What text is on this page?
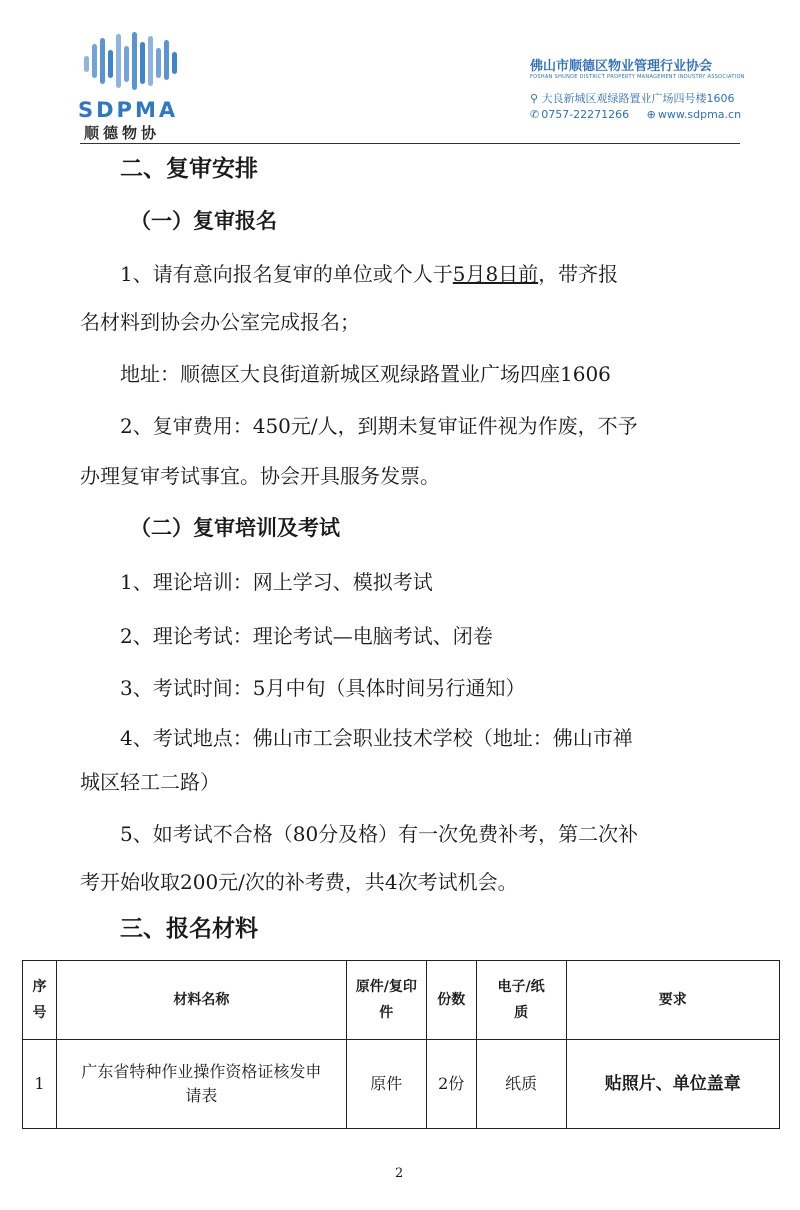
SDPMA
顺德物协
佛山市顺德区物业管理行业协会
FOSHAN SHUNDE DISTRICT PROPERTY MANAGEMENT INDUSTRY ASSOCIATION
⚲ 大良新城区观绿路置业广场四号楼1606
✆ 0757-22271266 ⊕ www.sdpma.cn
二、复审安排
（一）复审报名
1、请有意向报名复审的单位或个人于5月8日前，带齐报
名材料到协会办公室完成报名；
地址：顺德区大良街道新城区观绿路置业广场四座1606
2、复审费用：450元/人，到期未复审证件视为作废，不予
办理复审考试事宜。协会开具服务发票。
（二）复审培训及考试
1、理论培训：网上学习、模拟考试
2、理论考试：理论考试—电脑考试、闭卷
3、考试时间：5月中旬（具体时间另行通知）
4、考试地点：佛山市工会职业技术学校（地址：佛山市禅
城区轻工二路）
5、如考试不合格（80分及格）有一次免费补考，第二次补
考开始收取200元/次的补考费，共4次考试机会。
三、报名材料
序号	材料名称	原件/复印件	份数	电子/纸质	要求
1	广东省特种作业操作资格证核发申请表	原件	2份	纸质	贴照片、单位盖章
2
